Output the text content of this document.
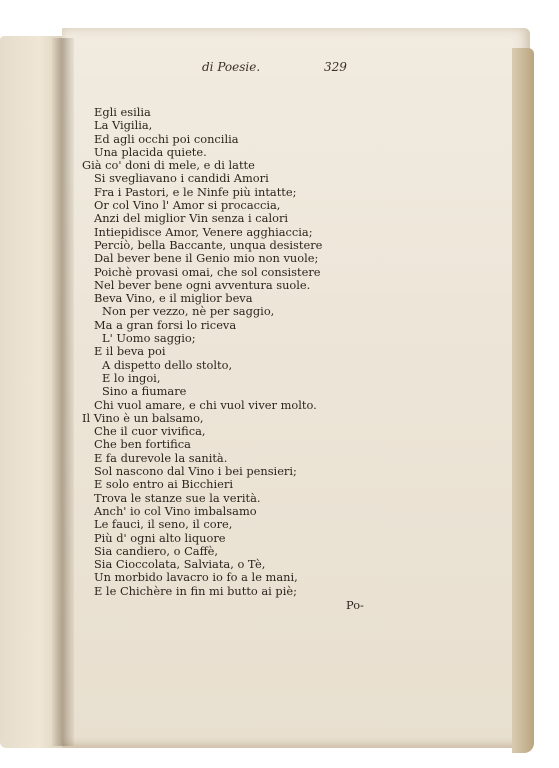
di Poesie.	329
Egli esilia
La Vigilia,
Ed agli occhi poi concilia
Una placida quiete.
Già co' doni di mele, e di latte
Si svegliavano i candidi Amori
Fra i Pastori, e le Ninfe più intatte;
Or col Vino l' Amor si procaccia,
Anzi del miglior Vin senza i calori
Intiepidisce Amor, Venere agghiaccia;
Perciò, bella Baccante, unqua desistere
Dal bever bene il Genio mio non vuole;
Poichè provasi omai, che sol consistere
Nel bever bene ogni avventura suole.
Beva Vino, e il miglior beva
Non per vezzo, nè per saggio,
Ma a gran forsi lo riceva
L' Uomo saggio;
E il beva poi
A dispetto dello stolto,
E lo ingoi,
Sino a fiumare
Chi vuol amare, e chi vuol viver molto.
Il Vino è un balsamo,
Che il cuor vivifica,
Che ben fortifica
E fa durevole la sanità.
Sol nascono dal Vino i bei pensieri;
E solo entro ai Bicchieri
Trova le stanze sue la verità.
Anch' io col Vino imbalsamo
Le fauci, il seno, il core,
Più d' ogni alto liquore
Sia candiero, o Caffè,
Sia Cioccolata, Salviata, o Tè,
Un morbido lavacro io fo a le mani,
E le Chichère in fin mi butto ai piè;
Po-
